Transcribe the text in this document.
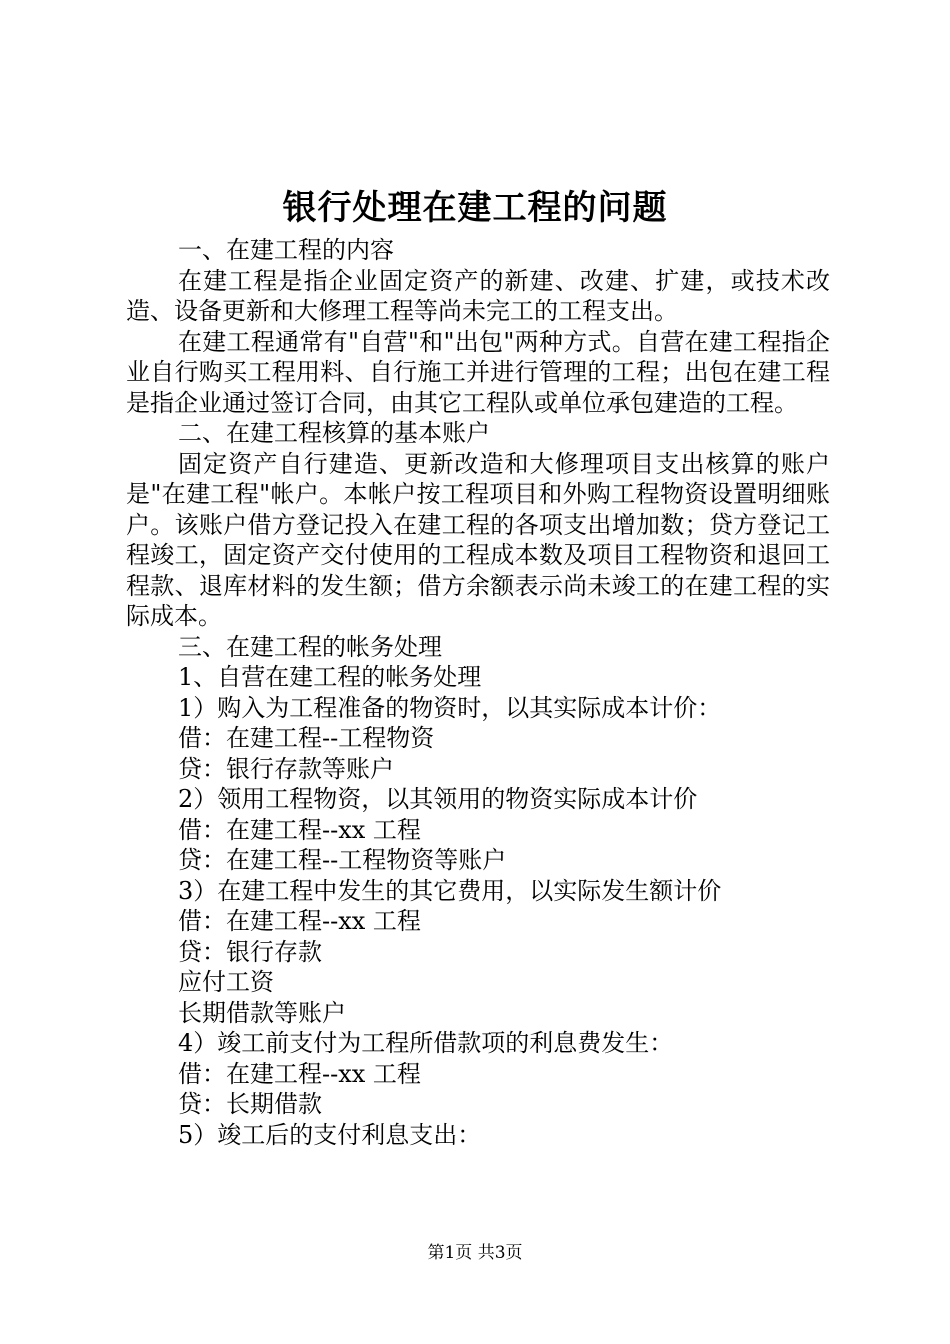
银行处理在建工程的问题

一、在建工程的内容

在建工程是指企业固定资产的新建、改建、扩建，或技术改造、设备更新和大修理工程等尚未完工的工程支出。

在建工程通常有"自营"和"出包"两种方式。自营在建工程指企业自行购买工程用料、自行施工并进行管理的工程；出包在建工程是指企业通过签订合同，由其它工程队或单位承包建造的工程。

二、在建工程核算的基本账户

固定资产自行建造、更新改造和大修理项目支出核算的账户是"在建工程"帐户。本帐户按工程项目和外购工程物资设置明细账户。该账户借方登记投入在建工程的各项支出增加数；贷方登记工程竣工，固定资产交付使用的工程成本数及项目工程物资和退回工程款、退库材料的发生额；借方余额表示尚未竣工的在建工程的实际成本。

三、在建工程的帐务处理

1、自营在建工程的帐务处理

1）购入为工程准备的物资时，以其实际成本计价：

借：在建工程--工程物资

贷：银行存款等账户

2）领用工程物资，以其领用的物资实际成本计价

借：在建工程--xx 工程

贷：在建工程--工程物资等账户

3）在建工程中发生的其它费用，以实际发生额计价

借：在建工程--xx 工程

贷：银行存款

应付工资

长期借款等账户

4）竣工前支付为工程所借款项的利息费发生：

借：在建工程--xx 工程

贷：长期借款

5）竣工后的支付利息支出：

第1页 共3页
